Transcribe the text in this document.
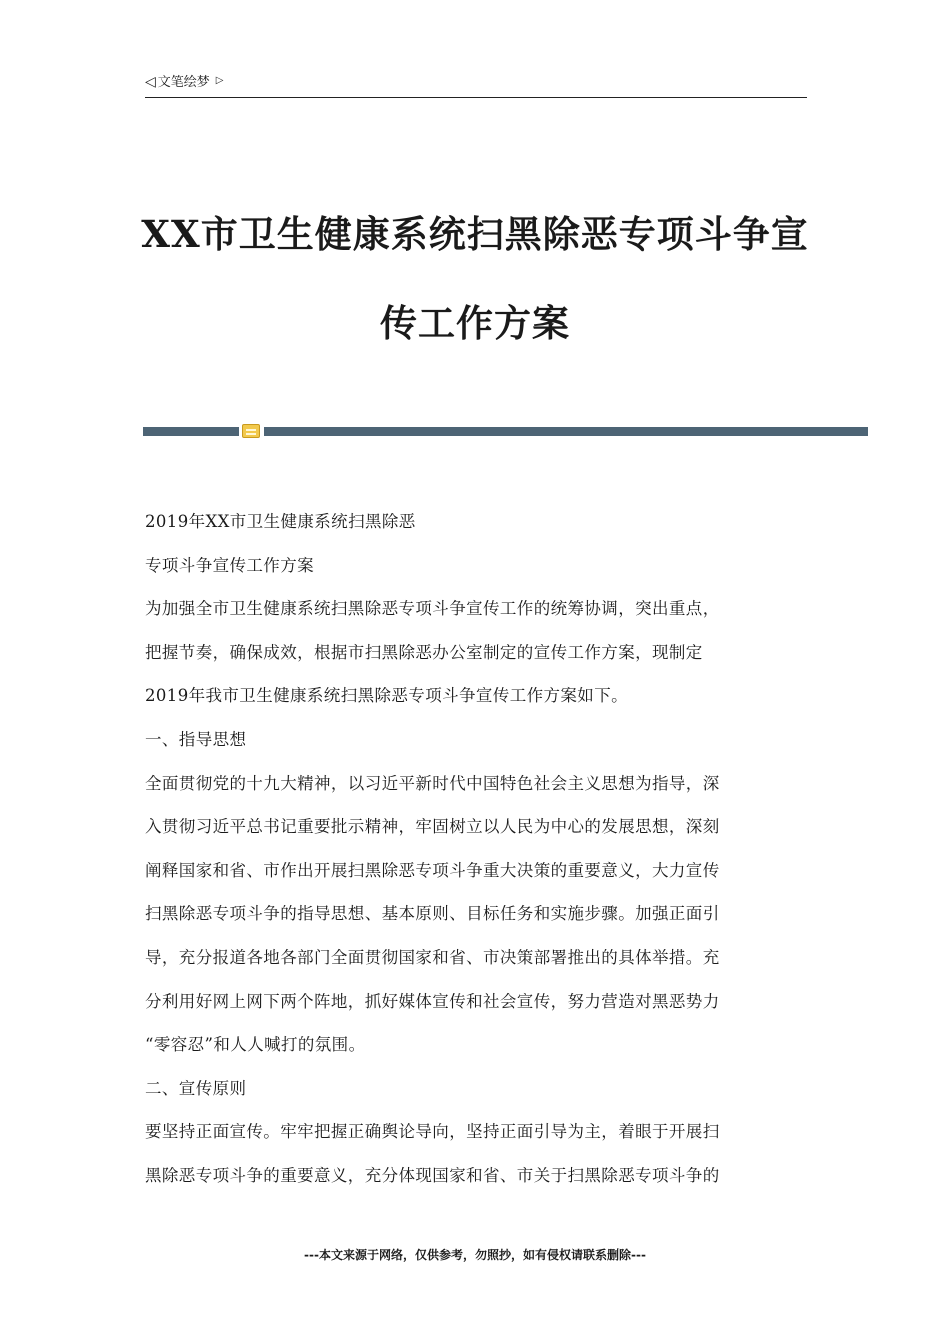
◁ 文笔绘梦 ▷
XX市卫生健康系统扫黑除恶专项斗争宣
传工作方案
2019年XX市卫生健康系统扫黑除恶
专项斗争宣传工作方案
为加强全市卫生健康系统扫黑除恶专项斗争宣传工作的统筹协调，突出重点，
把握节奏，确保成效，根据市扫黑除恶办公室制定的宣传工作方案，现制定
2019年我市卫生健康系统扫黑除恶专项斗争宣传工作方案如下。
一、指导思想
全面贯彻党的十九大精神，以习近平新时代中国特色社会主义思想为指导，深
入贯彻习近平总书记重要批示精神，牢固树立以人民为中心的发展思想，深刻
阐释国家和省、市作出开展扫黑除恶专项斗争重大决策的重要意义，大力宣传
扫黑除恶专项斗争的指导思想、基本原则、目标任务和实施步骤。加强正面引
导，充分报道各地各部门全面贯彻国家和省、市决策部署推出的具体举措。充
分利用好网上网下两个阵地，抓好媒体宣传和社会宣传，努力营造对黑恶势力
“零容忍”和人人喊打的氛围。
二、宣传原则
要坚持正面宣传。牢牢把握正确舆论导向，坚持正面引导为主，着眼于开展扫
黑除恶专项斗争的重要意义，充分体现国家和省、市关于扫黑除恶专项斗争的
---本文来源于网络，仅供参考，勿照抄，如有侵权请联系删除---
